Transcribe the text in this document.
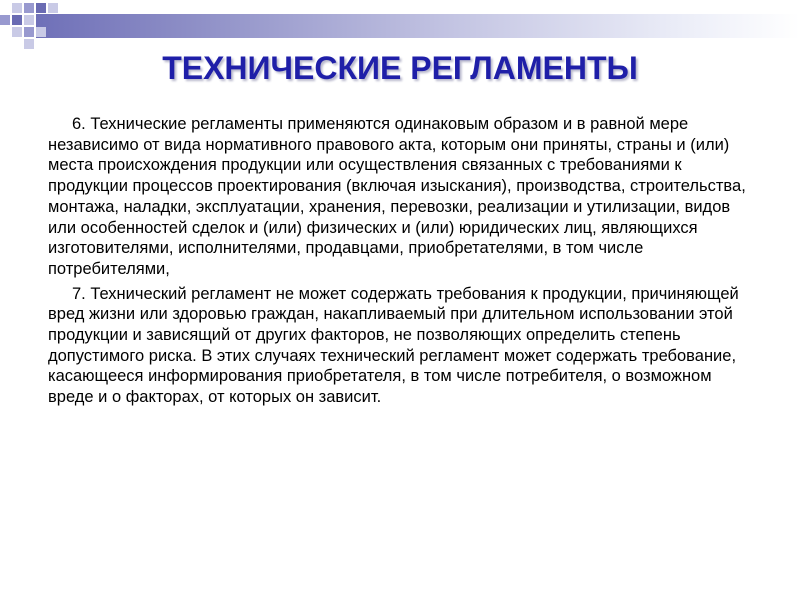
ТЕХНИЧЕСКИЕ РЕГЛАМЕНТЫ

6. Технические регламенты применяются одинаковым образом и в равной мере независимо от вида нормативного правового акта, которым они приняты, страны и (или) места происхождения продукции или осуществления связанных с требованиями к продукции процессов проектирования (включая изыскания), производства, строительства, монтажа, наладки, эксплуатации, хранения, перевозки, реализации и утилизации, видов или особенностей сделок и (или) физических и (или) юридических лиц, являющихся изготовителями, исполнителями, продавцами, приобретателями, в том числе потребителями,

7. Технический регламент не может содержать требования к продукции, причиняющей вред жизни или здоровью граждан, накапливаемый при длительном использовании этой продукции и зависящий от других факторов, не позволяющих определить степень допустимого риска. В этих случаях технический регламент может содержать требование, касающееся информирования приобретателя, в том числе потребителя, о возможном вреде и о факторах, от которых он зависит.
